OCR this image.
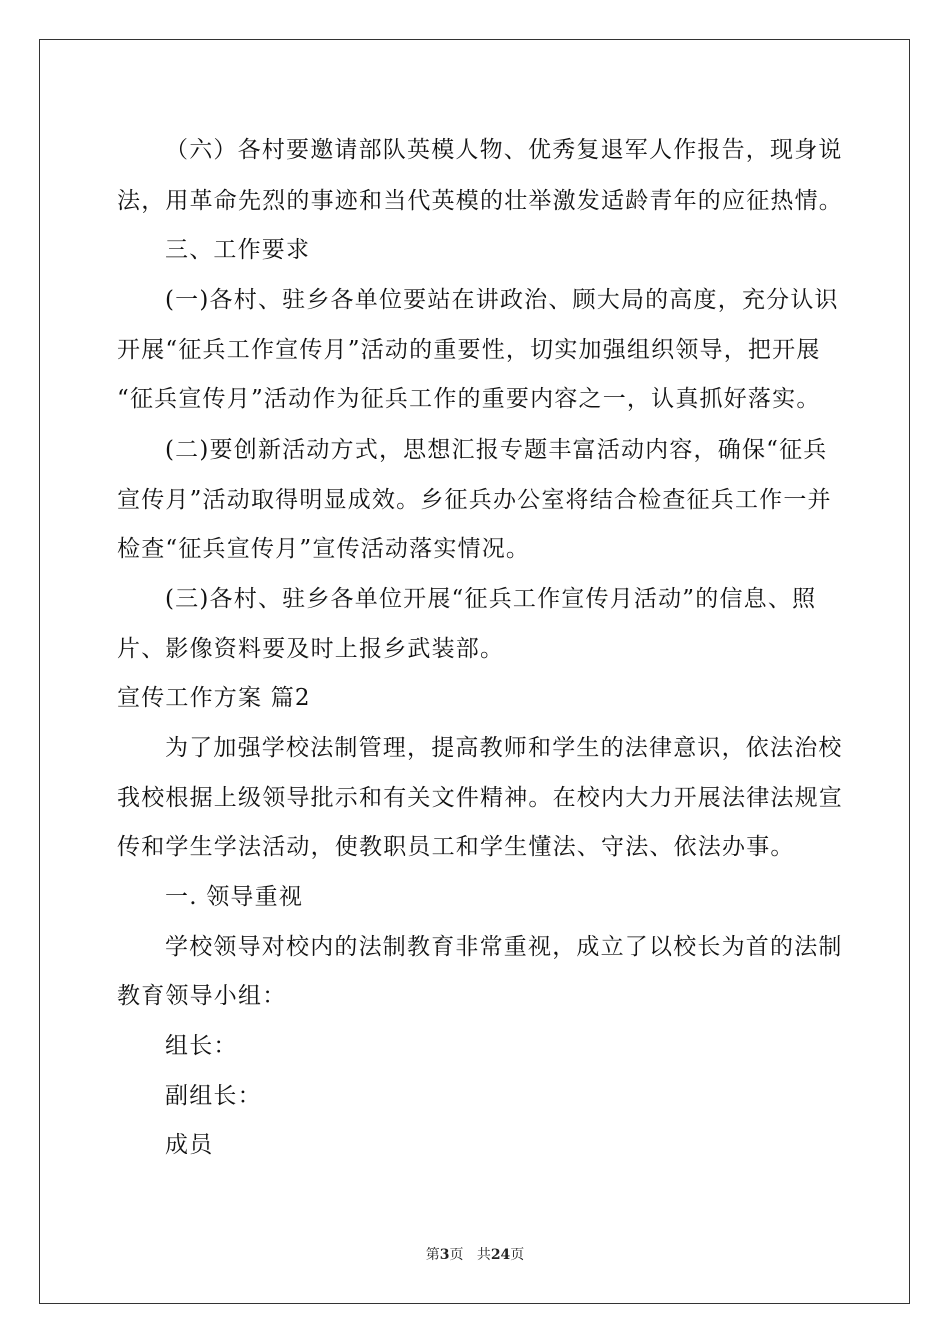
（六）各村要邀请部队英模人物、优秀复退军人作报告，现身说
法，用革命先烈的事迹和当代英模的壮举激发适龄青年的应征热情。
三、工作要求
(一)各村、驻乡各单位要站在讲政治、顾大局的高度，充分认识
开展“征兵工作宣传月”活动的重要性，切实加强组织领导，把开展
“征兵宣传月”活动作为征兵工作的重要内容之一，认真抓好落实。
(二)要创新活动方式，思想汇报专题丰富活动内容，确保“征兵
宣传月”活动取得明显成效。乡征兵办公室将结合检查征兵工作一并
检查“征兵宣传月”宣传活动落实情况。
(三)各村、驻乡各单位开展“征兵工作宣传月活动”的信息、照
片、影像资料要及时上报乡武装部。
宣传工作方案 篇2
为了加强学校法制管理，提高教师和学生的法律意识，依法治校
我校根据上级领导批示和有关文件精神。在校内大力开展法律法规宣
传和学生学法活动，使教职员工和学生懂法、守法、依法办事。
一. 领导重视
学校领导对校内的法制教育非常重视，成立了以校长为首的法制
教育领导小组：
组长：
副组长：
成员
第3页 共24页
